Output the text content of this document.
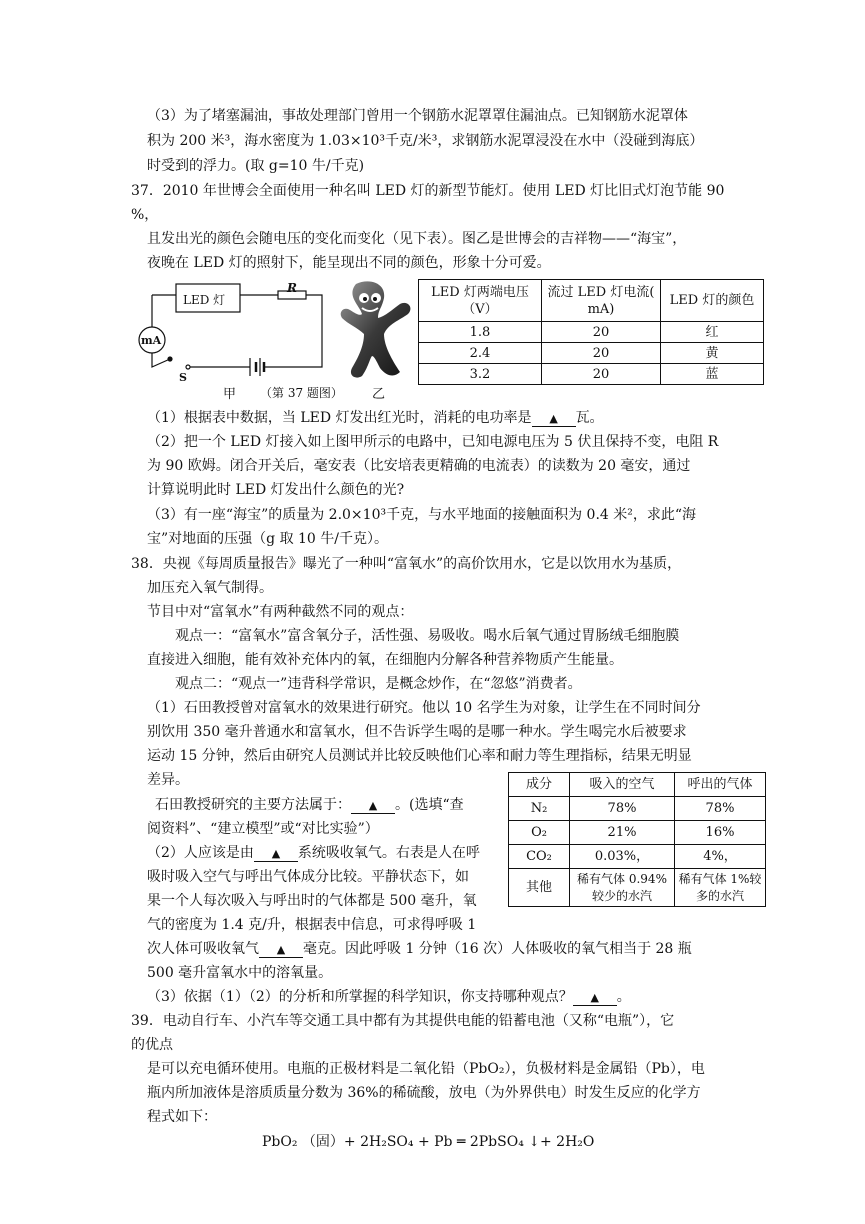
（3）为了堵塞漏油，事故处理部门曾用一个钢筋水泥罩罩住漏油点。已知钢筋水泥罩体
积为 200 米³，海水密度为 1.03×10³千克/米³，求钢筋水泥罩浸没在水中（没碰到海底）
时受到的浮力。(取 g=10 牛/千克)
37．2010 年世博会全面使用一种名叫 LED 灯的新型节能灯。使用 LED 灯比旧式灯泡节能 90
%，
且发出光的颜色会随电压的变化而变化（见下表）。图乙是世博会的吉祥物——“海宝”，
夜晚在 LED 灯的照射下，能呈现出不同的颜色，形象十分可爱。
LED 灯
R
mA
S
甲 （第 37 题图） 乙
LED 灯两端电压（V）	流过 LED 灯电流( mA)	LED 灯的颜色
1.8	20	红
2.4	20	黄
3.2	20	蓝
（1）根据表中数据，当 LED 灯发出红光时，消耗的电功率是 ▲ 瓦。
（2）把一个 LED 灯接入如上图甲所示的电路中，已知电源电压为 5 伏且保持不变，电阻 R
为 90 欧姆。闭合开关后，毫安表（比安培表更精确的电流表）的读数为 20 毫安，通过
计算说明此时 LED 灯发出什么颜色的光?
（3）有一座“海宝”的质量为 2.0×10³千克，与水平地面的接触面积为 0.4 米²，求此“海
宝”对地面的压强（g 取 10 牛/千克）。
38．央视《每周质量报告》曝光了一种叫“富氧水”的高价饮用水，它是以饮用水为基质，
加压充入氧气制得。
节目中对“富氧水”有两种截然不同的观点：
观点一：“富氧水”富含氧分子，活性强、易吸收。喝水后氧气通过胃肠绒毛细胞膜
直接进入细胞，能有效补充体内的氧，在细胞内分解各种营养物质产生能量。
观点二：“观点一”违背科学常识，是概念炒作，在“忽悠”消费者。
（1）石田教授曾对富氧水的效果进行研究。他以 10 名学生为对象，让学生在不同时间分
别饮用 350 毫升普通水和富氧水，但不告诉学生喝的是哪一种水。学生喝完水后被要求
运动 15 分钟，然后由研究人员测试并比较反映他们心率和耐力等生理指标，结果无明显
差异。
石田教授研究的主要方法属于： ▲ 。(选填“查
阅资料”、“建立模型”或“对比实验”）
（2）人应该是由 ▲ 系统吸收氧气。右表是人在呼
吸时吸入空气与呼出气体成分比较。平静状态下，如
果一个人每次吸入与呼出时的气体都是 500 毫升，氧
气的密度为 1.4 克/升，根据表中信息，可求得呼吸 1
次人体可吸收氧气 ▲ 毫克。因此呼吸 1 分钟（16 次）人体吸收的氧气相当于 28 瓶
500 毫升富氧水中的溶氧量。
（3）依据（1）（2）的分析和所掌握的科学知识，你支持哪种观点？ ▲ 。
成分	吸入的空气	呼出的气体
N₂	78%	78%
O₂	21%	16%
CO₂	0.03%，	4%，
其他	稀有气体 0.94%较少的水汽	稀有气体 1%较多的水汽
39．电动自行车、小汽车等交通工具中都有为其提供电能的铅蓄电池（又称“电瓶”），它
的优点
是可以充电循环使用。电瓶的正极材料是二氧化铅（PbO₂），负极材料是金属铅（Pb），电
瓶内所加液体是溶质质量分数为 36%的稀硫酸，放电（为外界供电）时发生反应的化学方
程式如下：
PbO₂ （固）+ 2H₂SO₄ + Pb ═ 2PbSO₄ ↓+ 2H₂O
